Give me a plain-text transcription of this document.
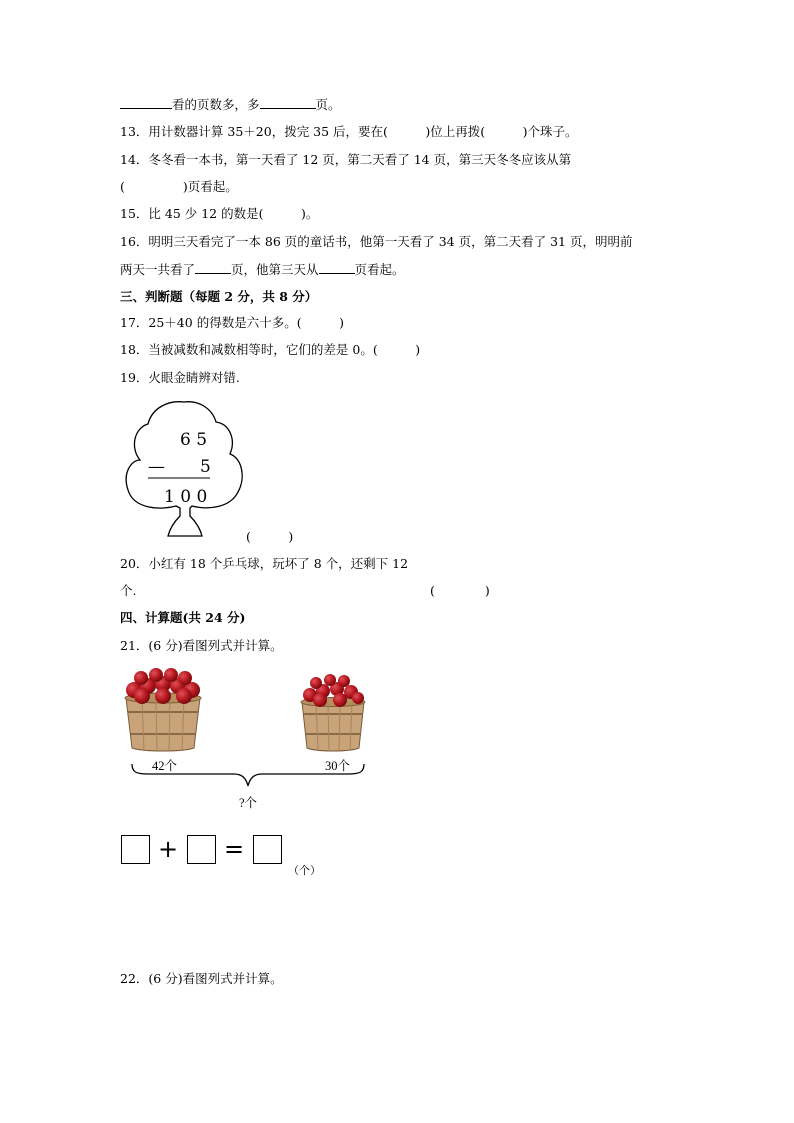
看的页数多，多	页。
13．用计数器计算 35＋20，拨完 35 后，要在(　　　)位上再拨(　　　)个珠子。
14．冬冬看一本书，第一天看了 12 页，第二天看了 14 页，第三天冬冬应该从第
(	)页看起。
15．比 45 少 12 的数是(　　　)。
16．明明三天看完了一本 86 页的童话书，他第一天看了 34 页，第二天看了 31 页，明明前
两天一共看了	页，他第三天从	页看起。
三、判断题（每题 2 分，共 8 分）
17．25＋40 的得数是六十多。(　　　)
18．当被减数和减数相等时，它们的差是 0。(　　　)
19．火眼金睛辨对错.
6 5
— 5
1 0 0
(　　　)
20．小红有 18 个乒乓球，玩坏了 8 个，还剩下 12
个.	(　　　　)
四、计算题(共 24 分)
21．(6 分)看图列式并计算。
42个	30个
?个
+ =
（个）
22．(6 分)看图列式并计算。
